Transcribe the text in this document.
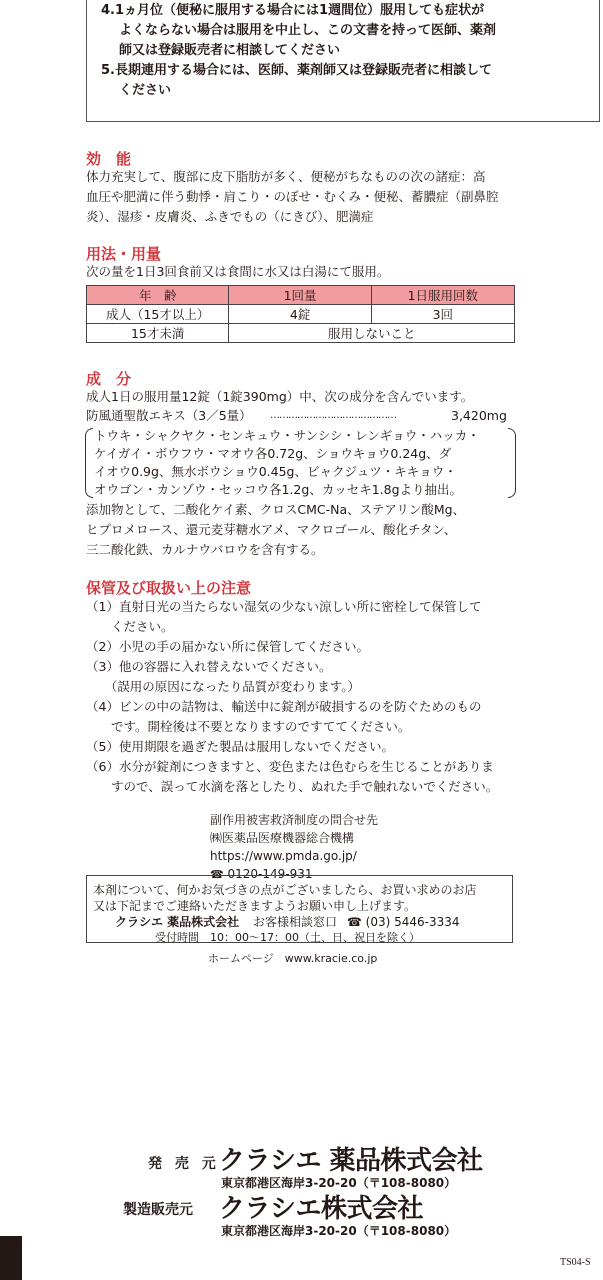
4.1ヵ月位（便秘に服用する場合には1週間位）服用しても症状が
よくならない場合は服用を中止し、この文書を持って医師、薬剤
師又は登録販売者に相談してください
5.長期連用する場合には、医師、薬剤師又は登録販売者に相談して
ください
効　能
体力充実して、腹部に皮下脂肪が多く、便秘がちなものの次の諸症：高
血圧や肥満に伴う動悸・肩こり・のぼせ・むくみ・便秘、蓄膿症（副鼻腔
炎）、湿疹・皮膚炎、ふきでもの（にきび）、肥満症
用法・用量
次の量を1日3回食前又は食間に水又は白湯にて服用。
年　齢	1回量	1日服用回数
成人（15才以上）	4錠	3回
15才未満	服用しないこと	
成　分
成人1日の服用量12錠（1錠390mg）中、次の成分を含んでいます。
防風通聖散エキス（3／5量） ……………………………………	3,420mg
トウキ・シャクヤク・センキュウ・サンシシ・レンギョウ・ハッカ・
ケイガイ・ボウフウ・マオウ各0.72g、ショウキョウ0.24g、ダ
イオウ0.9g、無水ボウショウ0.45g、ビャクジュツ・キキョウ・
オウゴン・カンゾウ・セッコウ各1.2g、カッセキ1.8gより抽出。
添加物として、二酸化ケイ素、クロスCMC-Na、ステアリン酸Mg、
ヒプロメロース、還元麦芽糖水アメ、マクロゴール、酸化チタン、
三二酸化鉄、カルナウバロウを含有する。
保管及び取扱い上の注意
（1）直射日光の当たらない湿気の少ない涼しい所に密栓して保管して
　　ください。
（2）小児の手の届かない所に保管してください。
（3）他の容器に入れ替えないでください。
　　（誤用の原因になったり品質が変わります。）
（4）ビンの中の詰物は、輸送中に錠剤が破損するのを防ぐためのもの
　　です。開栓後は不要となりますのですててください。
（5）使用期限を過ぎた製品は服用しないでください。
（6）水分が錠剤につきますと、変色または色むらを生じることがありま
　　すので、誤って水滴を落としたり、ぬれた手で触れないでください。
副作用被害救済制度の問合せ先
㈱医薬品医療機器総合機構
https://www.pmda.go.jp/
☎ 0120-149-931
本剤について、何かお気づきの点がございましたら、お買い求めのお店
又は下記までご連絡いただきますようお願い申し上げます。
クラシエ 薬品株式会社 お客様相談窓口 ☎ (03) 5446-3334
受付時間　10：00～17：00（土、日、祝日を除く）
ホームページ　www.kracie.co.jp
発 売 元 クラシエ 薬品株式会社
東京都港区海岸3-20-20（〒108-8080）
製造販売元 クラシエ株式会社
東京都港区海岸3-20-20（〒108-8080）
TS04-S
